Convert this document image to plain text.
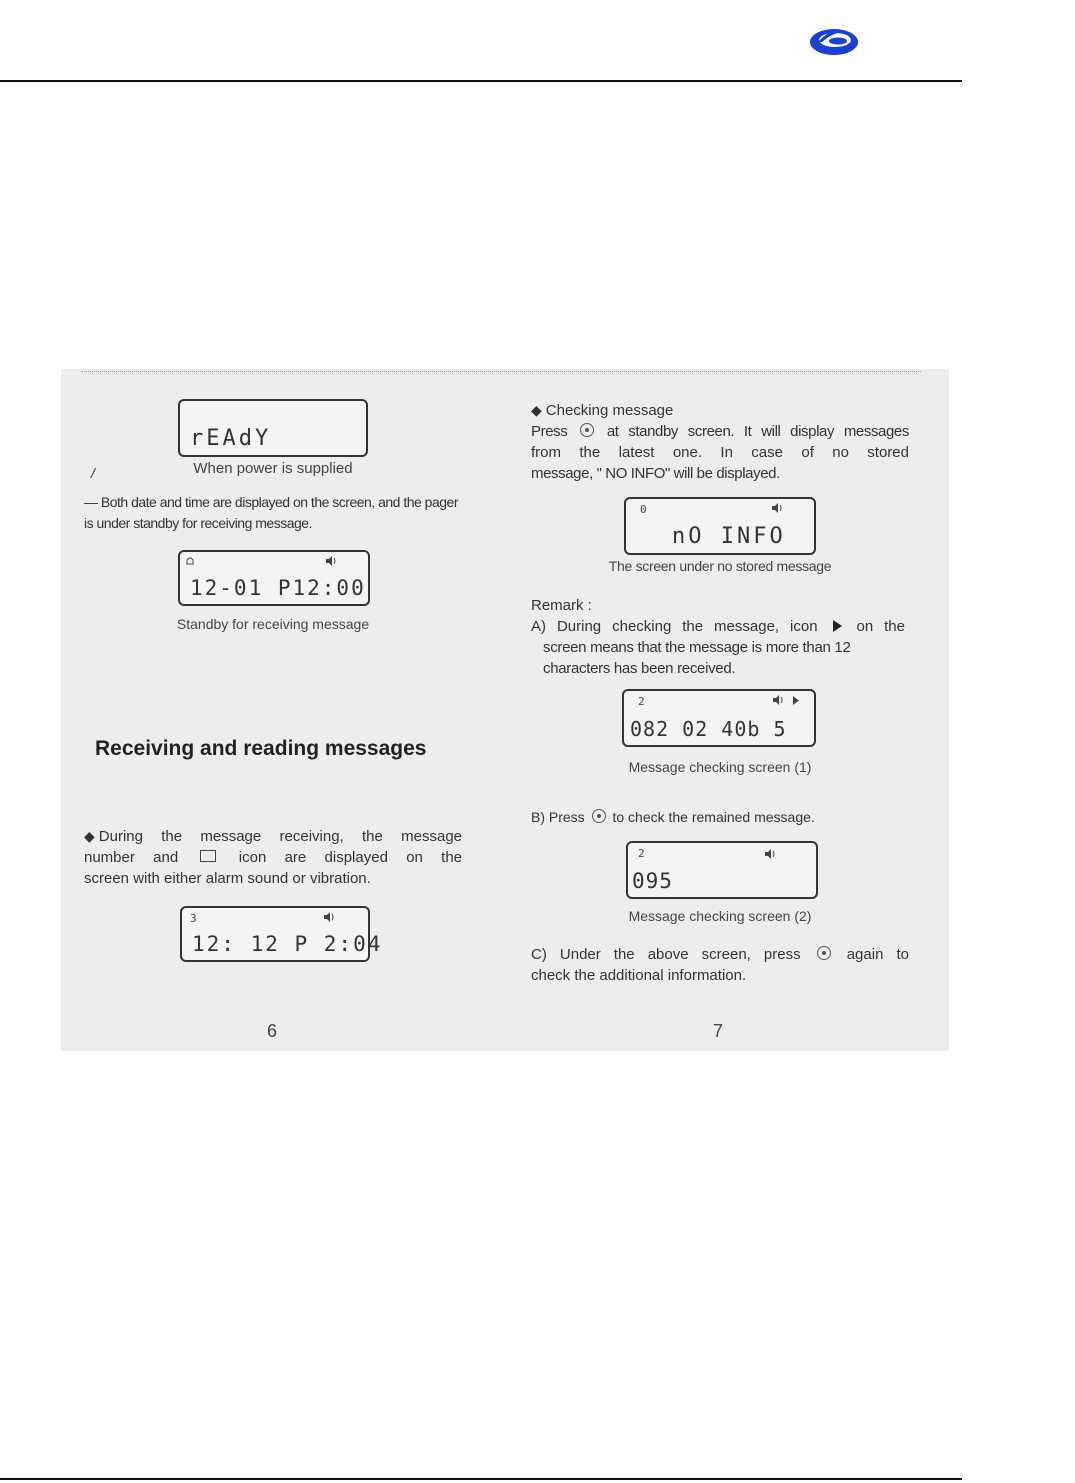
rEAdY
When power is supplied
/
— Both date and time are displayed on the screen, and the pager is under standby for receiving message.
12-01 P12:00
Standby for receiving message
Receiving and reading messages
◆ During the message receiving, the message
number and	icon are displayed on the
screen with either alarm sound or vibration.
3
12: 12 P 2:04
6
◆ Checking message
Press	at standby screen. It will display messages
from the latest one. In case of no stored
message, " NO INFO" will be displayed.
0
nO INFO
The screen under no stored message
Remark :
A) During checking the message, icon	on the
screen means that the message is more than 12
characters has been received.
2
082 02 40b 5
Message checking screen (1)
B) Press to check the remained message.
2
095
Message checking screen (2)
C) Under the above screen, press	again to
check the additional information.
7
